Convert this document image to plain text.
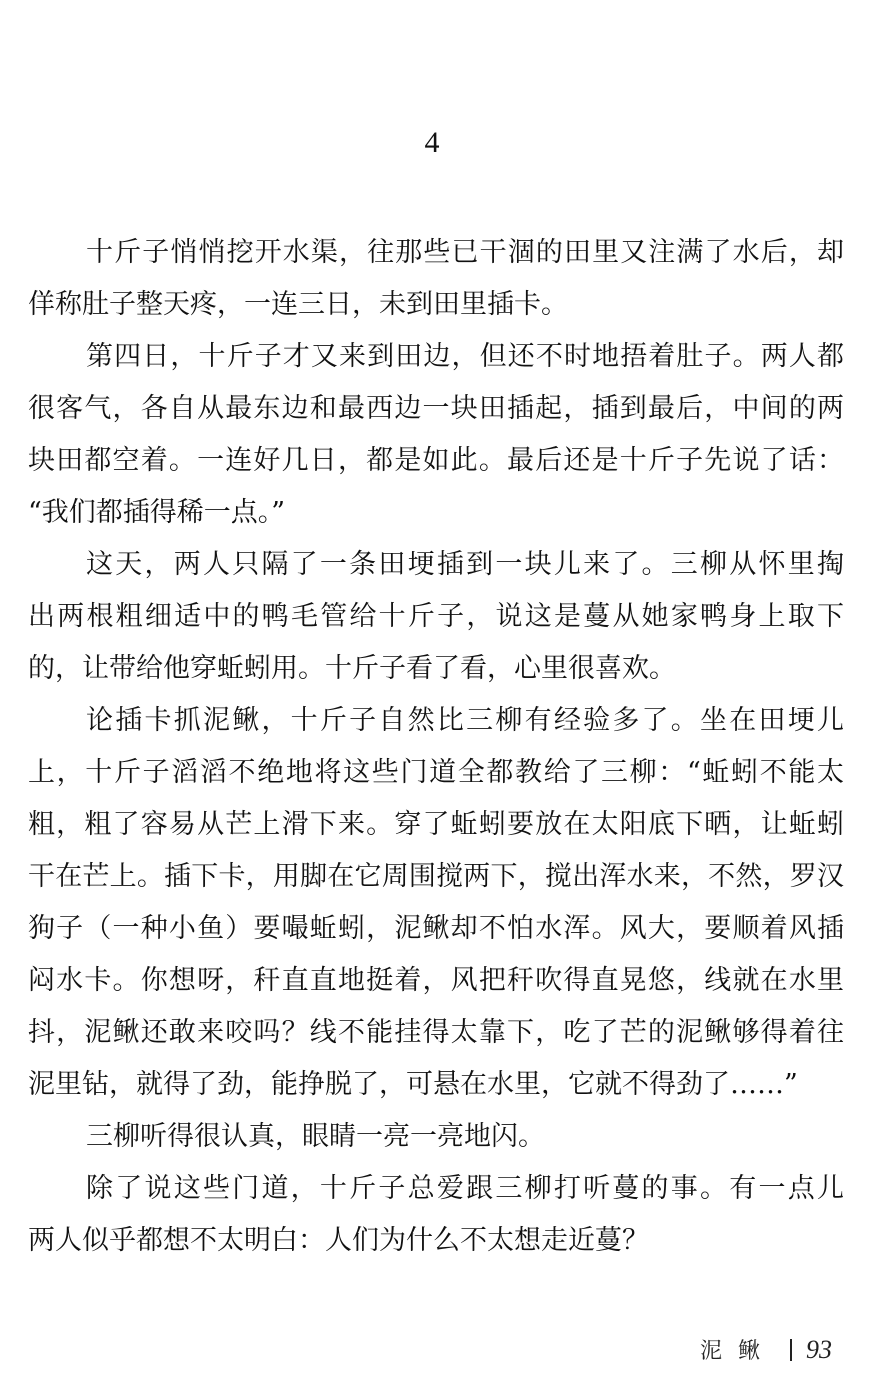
4
十斤子悄悄挖开水渠，往那些已干涸的田里又注满了水后，却
佯称肚子整天疼，一连三日，未到田里插卡。
第四日，十斤子才又来到田边，但还不时地捂着肚子。两人都
很客气，各自从最东边和最西边一块田插起，插到最后，中间的两
块田都空着。一连好几日，都是如此。最后还是十斤子先说了话：
“我们都插得稀一点。”
这天，两人只隔了一条田埂插到一块儿来了。三柳从怀里掏
出两根粗细适中的鸭毛管给十斤子，说这是蔓从她家鸭身上取下
的，让带给他穿蚯蚓用。十斤子看了看，心里很喜欢。
论插卡抓泥鳅，十斤子自然比三柳有经验多了。坐在田埂儿
上，十斤子滔滔不绝地将这些门道全都教给了三柳：“蚯蚓不能太
粗，粗了容易从芒上滑下来。穿了蚯蚓要放在太阳底下晒，让蚯蚓
干在芒上。插下卡，用脚在它周围搅两下，搅出浑水来，不然，罗汉
狗子（一种小鱼）要嘬蚯蚓，泥鳅却不怕水浑。风大，要顺着风插
闷水卡。你想呀，秆直直地挺着，风把秆吹得直晃悠，线就在水里
抖，泥鳅还敢来咬吗？线不能挂得太靠下，吃了芒的泥鳅够得着往
泥里钻，就得了劲，能挣脱了，可悬在水里，它就不得劲了……”
三柳听得很认真，眼睛一亮一亮地闪。
除了说这些门道，十斤子总爱跟三柳打听蔓的事。有一点儿
两人似乎都想不太明白：人们为什么不太想走近蔓？
泥鳅 93
